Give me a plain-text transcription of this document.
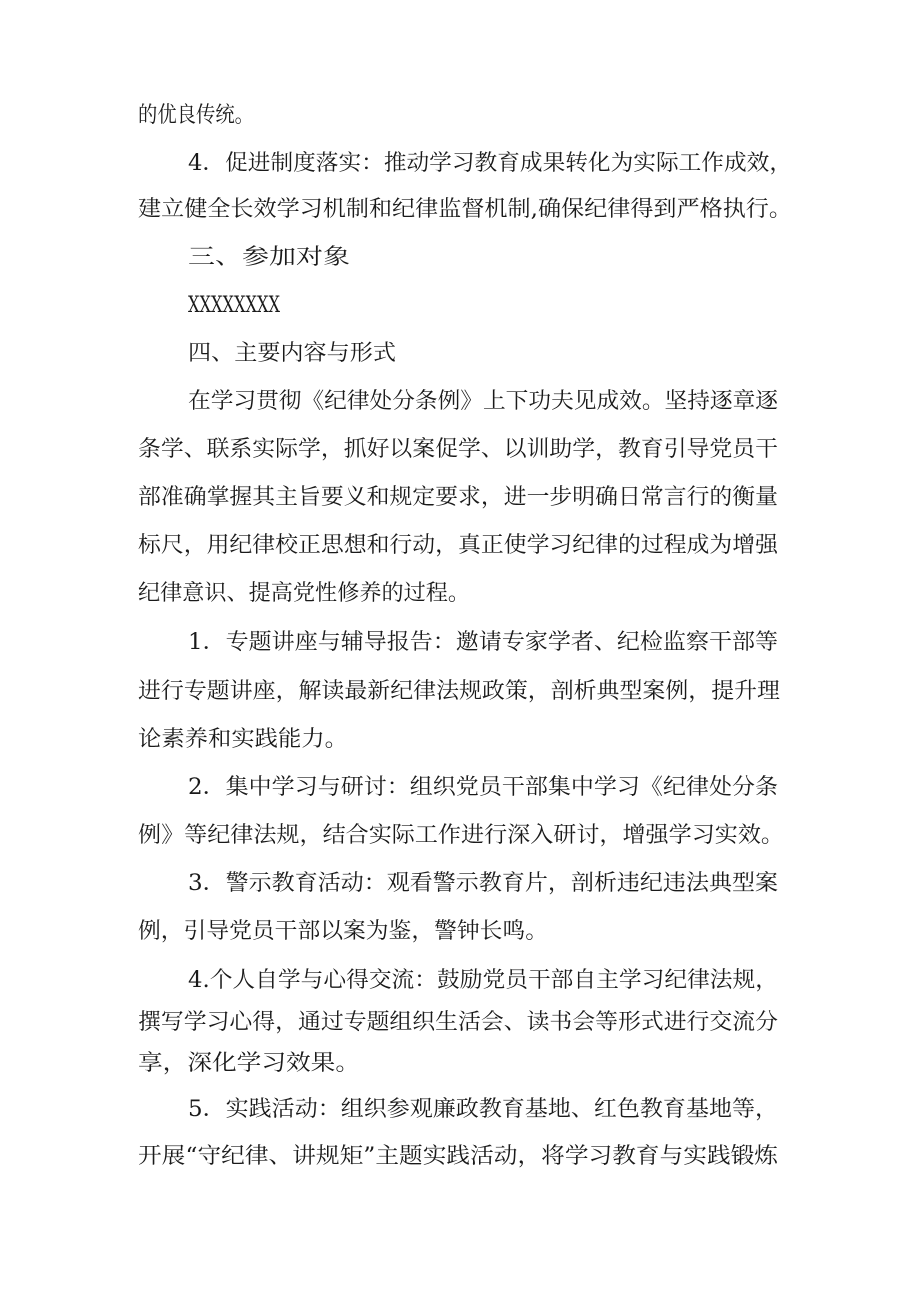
的优良传统。
4．促进制度落实：推动学习教育成果转化为实际工作成效，
建立健全长效学习机制和纪律监督机制,确保纪律得到严格执行。
三、参加对象
XXXXXXXX
四、主要内容与形式
在学习贯彻《纪律处分条例》上下功夫见成效。坚持逐章逐
条学、联系实际学，抓好以案促学、以训助学，教育引导党员干
部准确掌握其主旨要义和规定要求，进一步明确日常言行的衡量
标尺，用纪律校正思想和行动，真正使学习纪律的过程成为增强
纪律意识、提高党性修养的过程。
1．专题讲座与辅导报告：邀请专家学者、纪检监察干部等
进行专题讲座，解读最新纪律法规政策，剖析典型案例，提升理
论素养和实践能力。
2．集中学习与研讨：组织党员干部集中学习《纪律处分条
例》等纪律法规，结合实际工作进行深入研讨，增强学习实效。
3．警示教育活动：观看警示教育片，剖析违纪违法典型案
例，引导党员干部以案为鉴，警钟长鸣。
4.个人自学与心得交流：鼓励党员干部自主学习纪律法规，
撰写学习心得，通过专题组织生活会、读书会等形式进行交流分
享，深化学习效果。
5．实践活动：组织参观廉政教育基地、红色教育基地等，
开展“守纪律、讲规矩”主题实践活动，将学习教育与实践锻炼
